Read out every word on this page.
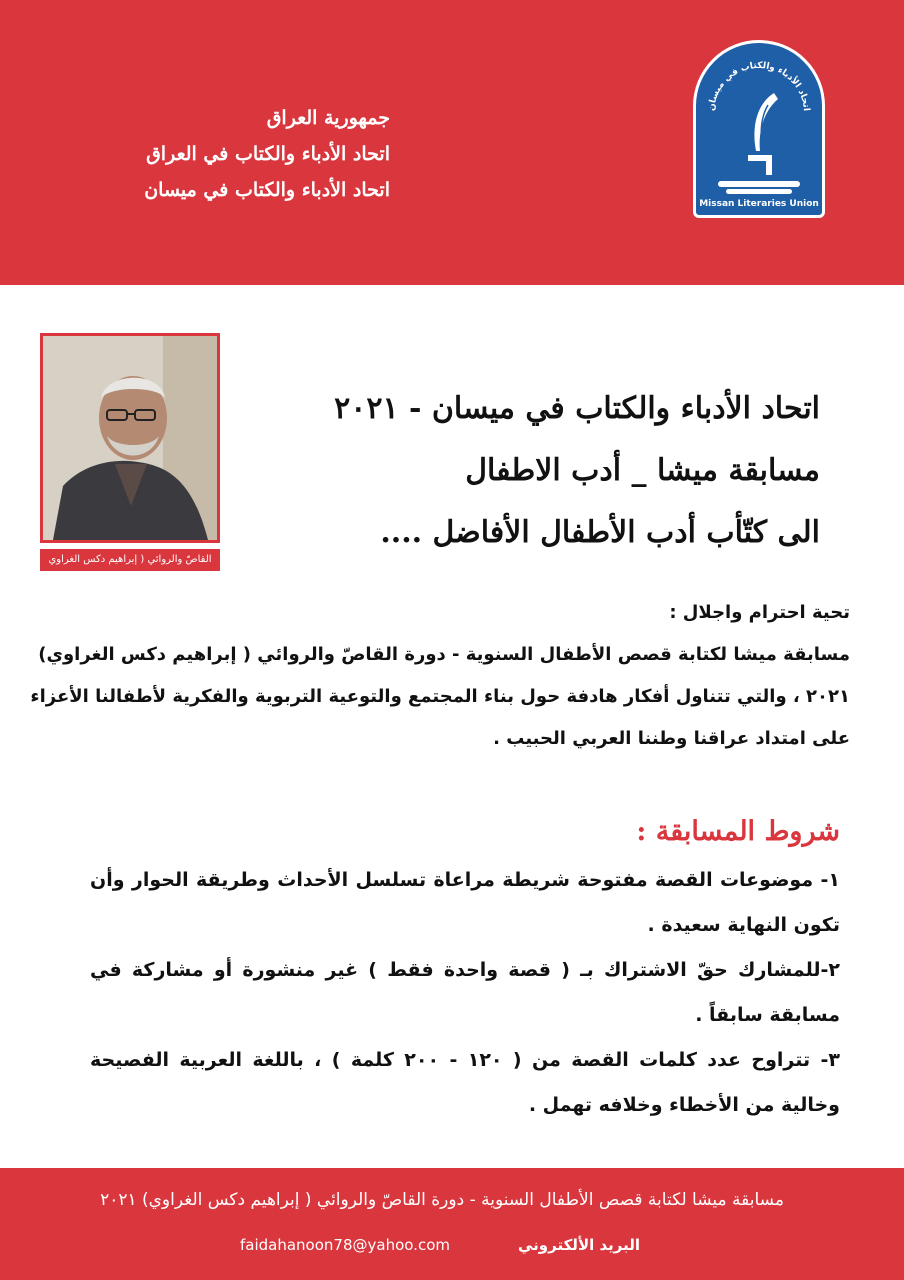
جمهورية العراق
اتحاد الأدباء والكتاب في العراق
اتحاد الأدباء والكتاب في ميسان
اتحاد الأدباء والكتاب في ميسان
Missan Literaries Union
القاصّ والروائي ( إبراهيم دكس الغراوي
اتحاد الأدباء والكتاب في ميسان - ٢٠٢١
مسابقة ميشا _ أدب الاطفال
الى كتّأب أدب الأطفال الأفاضل ....

تحية احترام واجلال :

مسابقة ميشا لكتابة قصص الأطفال السنوية - دورة القاصّ والروائي ( إبراهيم دكس الغراوي)

٢٠٢١ ، والتي تتناول أفكار هادفة حول بناء المجتمع والتوعية التربوية والفكرية لأطفالنا الأعزاء

على امتداد عراقنا وطننا العربي الحبيب .

شروط المسابقة :

١- موضوعات القصة مفتوحة شريطة مراعاة تسلسل الأحداث وطريقة الحوار وأن تكون النهاية سعيدة .

٢-للمشارك حقّ الاشتراك بـ ( قصة واحدة فقط ) غير منشورة أو مشاركة في مسابقة سابقاً .

٣- تتراوح عدد كلمات القصة من ( ١٢٠ - ٢٠٠ كلمة ) ، باللغة العربية الفصيحة وخالية من الأخطاء وخلافه تهمل .

مسابقة ميشا لكتابة قصص الأطفال السنوية - دورة القاصّ والروائي ( إبراهيم دكس الغراوي) ٢٠٢١
faidahanoon78@yahoo.com	البريد الألكتروني
